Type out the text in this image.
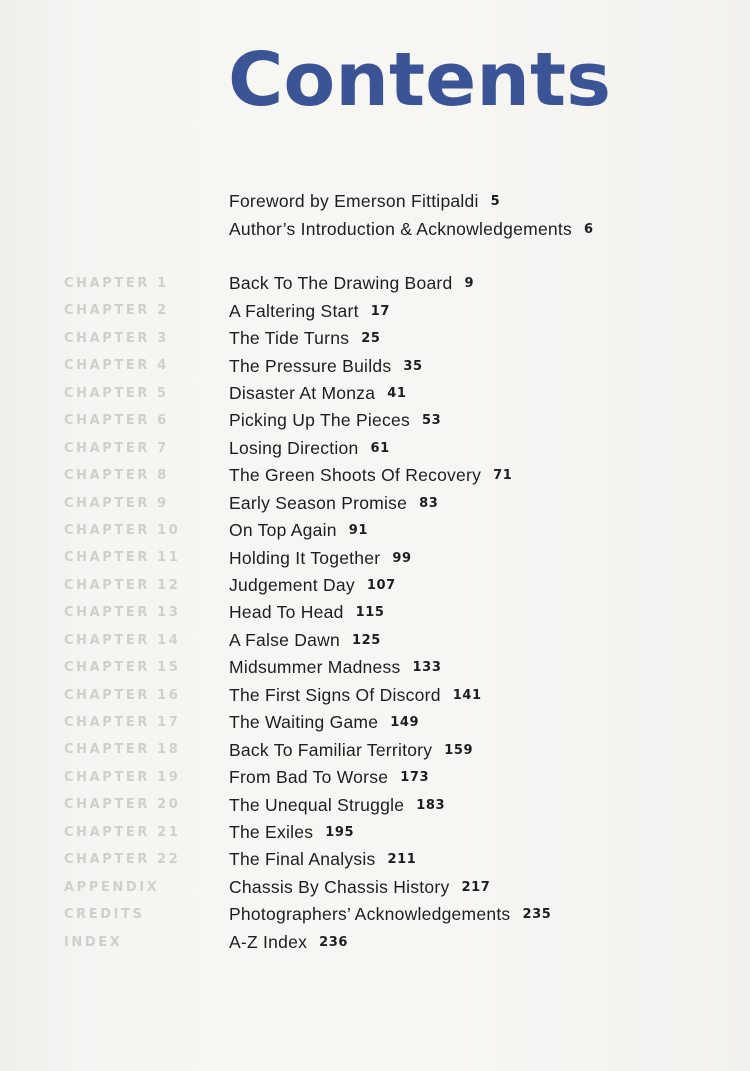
Contents
Foreword by Emerson Fittipaldi 5
Author’s Introduction & Acknowledgements 6
CHAPTER 1	Back To The Drawing Board 9
CHAPTER 2	A Faltering Start 17
CHAPTER 3	The Tide Turns 25
CHAPTER 4	The Pressure Builds 35
CHAPTER 5	Disaster At Monza 41
CHAPTER 6	Picking Up The Pieces 53
CHAPTER 7	Losing Direction 61
CHAPTER 8	The Green Shoots Of Recovery 71
CHAPTER 9	Early Season Promise 83
CHAPTER 10	On Top Again 91
CHAPTER 11	Holding It Together 99
CHAPTER 12	Judgement Day 107
CHAPTER 13	Head To Head 115
CHAPTER 14	A False Dawn 125
CHAPTER 15	Midsummer Madness 133
CHAPTER 16	The First Signs Of Discord 141
CHAPTER 17	The Waiting Game 149
CHAPTER 18	Back To Familiar Territory 159
CHAPTER 19	From Bad To Worse 173
CHAPTER 20	The Unequal Struggle 183
CHAPTER 21	The Exiles 195
CHAPTER 22	The Final Analysis 211
APPENDIX	Chassis By Chassis History 217
CREDITS	Photographers’ Acknowledgements 235
INDEX	A-Z Index 236
